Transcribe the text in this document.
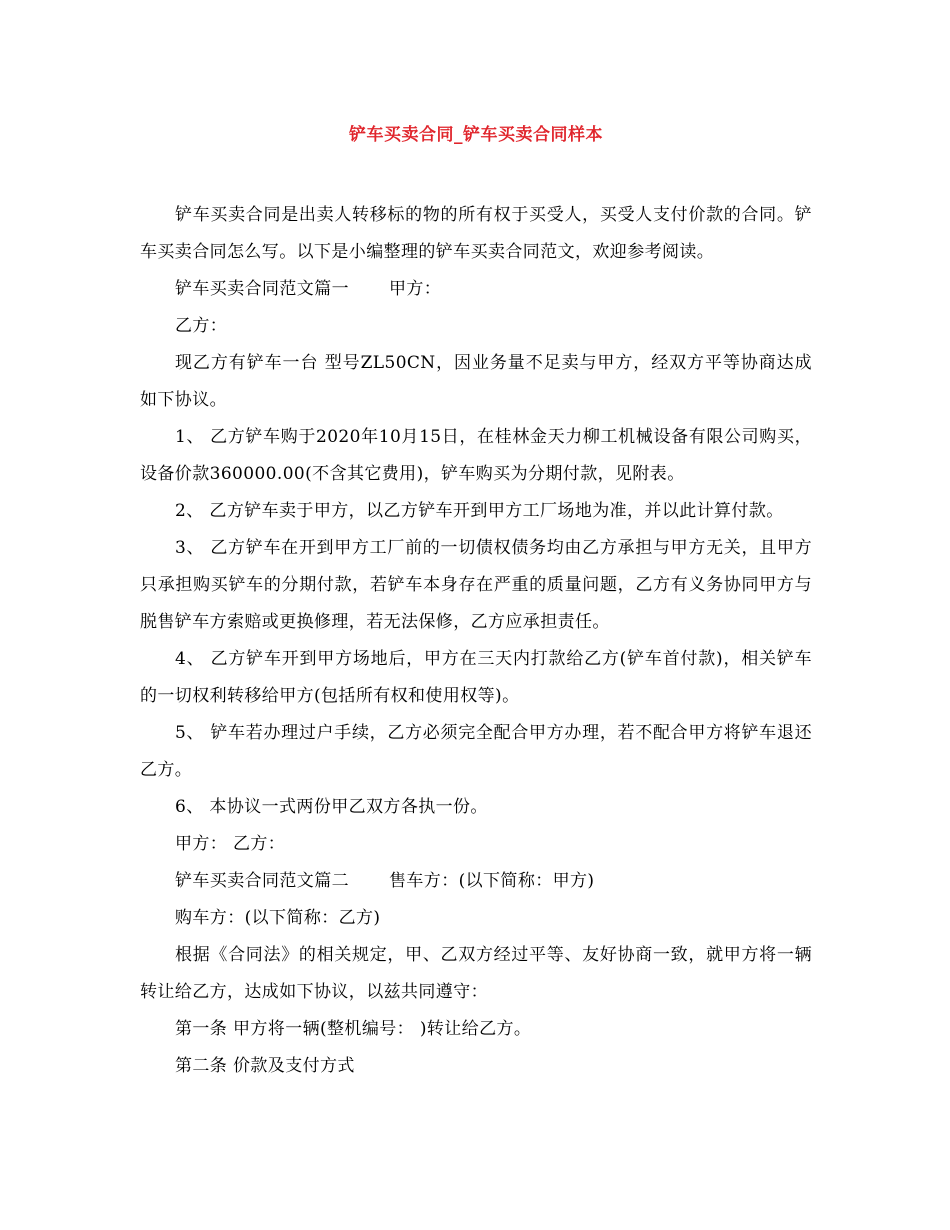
铲车买卖合同_铲车买卖合同样本

铲车买卖合同是出卖人转移标的物的所有权于买受人，买受人支付价款的合同。铲车买卖合同怎么写。以下是小编整理的铲车买卖合同范文，欢迎参考阅读。

铲车买卖合同范文篇一 甲方：

乙方：

现乙方有铲车一台 型号ZL50CN，因业务量不足卖与甲方，经双方平等协商达成如下协议。

1、 乙方铲车购于2020年10月15日，在桂林金天力柳工机械设备有限公司购买，设备价款360000.00(不含其它费用)，铲车购买为分期付款，见附表。

2、 乙方铲车卖于甲方，以乙方铲车开到甲方工厂场地为准，并以此计算付款。

3、 乙方铲车在开到甲方工厂前的一切债权债务均由乙方承担与甲方无关，且甲方只承担购买铲车的分期付款，若铲车本身存在严重的质量问题，乙方有义务协同甲方与脱售铲车方索赔或更换修理，若无法保修，乙方应承担责任。

4、 乙方铲车开到甲方场地后，甲方在三天内打款给乙方(铲车首付款)，相关铲车的一切权利转移给甲方(包括所有权和使用权等)。

5、 铲车若办理过户手续，乙方必须完全配合甲方办理，若不配合甲方将铲车退还乙方。

6、 本协议一式两份甲乙双方各执一份。

甲方： 乙方：

铲车买卖合同范文篇二 售车方：(以下简称：甲方)

购车方：(以下简称：乙方)

根据《合同法》的相关规定，甲、乙双方经过平等、友好协商一致，就甲方将一辆 转让给乙方，达成如下协议，以兹共同遵守：

第一条 甲方将一辆(整机编号： )转让给乙方。

第二条 价款及支付方式
